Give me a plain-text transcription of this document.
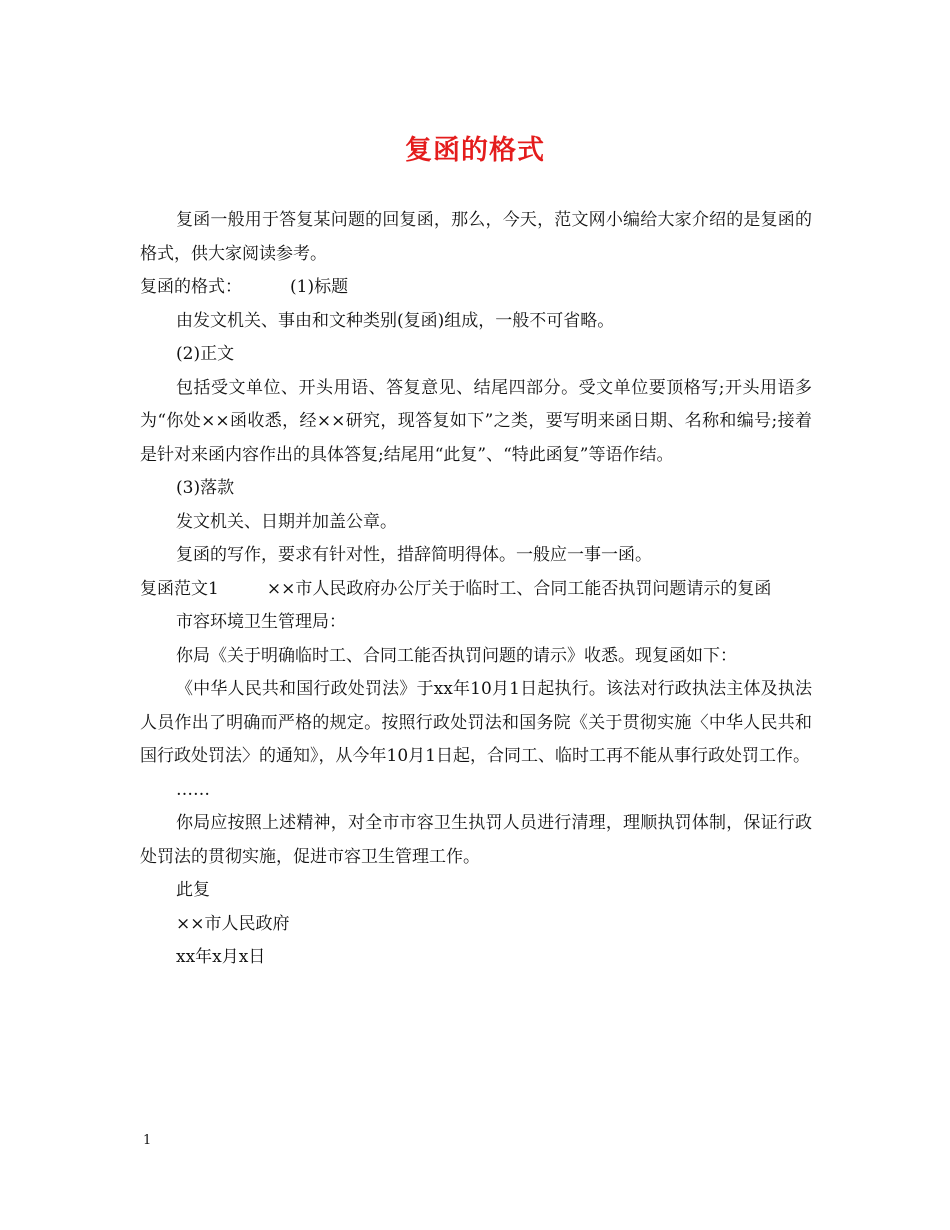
复函的格式

复函一般用于答复某问题的回复函，那么，今天，范文网小编给大家介绍的是复函的格式，供大家阅读参考。

复函的格式：	(1)标题

由发文机关、事由和文种类别(复函)组成，一般不可省略。

(2)正文

包括受文单位、开头用语、答复意见、结尾四部分。受文单位要顶格写;开头用语多为“你处××函收悉，经××研究，现答复如下”之类，要写明来函日期、名称和编号;接着是针对来函内容作出的具体答复;结尾用“此复”、“特此函复”等语作结。

(3)落款

发文机关、日期并加盖公章。

复函的写作，要求有针对性，措辞简明得体。一般应一事一函。

复函范文1	××市人民政府办公厅关于临时工、合同工能否执罚问题请示的复函

市容环境卫生管理局：

你局《关于明确临时工、合同工能否执罚问题的请示》收悉。现复函如下：

《中华人民共和国行政处罚法》于xx年10月1日起执行。该法对行政执法主体及执法人员作出了明确而严格的规定。按照行政处罚法和国务院《关于贯彻实施〈中华人民共和国行政处罚法〉的通知》，从今年10月1日起，合同工、临时工再不能从事行政处罚工作。

……

你局应按照上述精神，对全市市容卫生执罚人员进行清理，理顺执罚体制，保证行政处罚法的贯彻实施，促进市容卫生管理工作。

此复

××市人民政府

xx年x月x日

1
